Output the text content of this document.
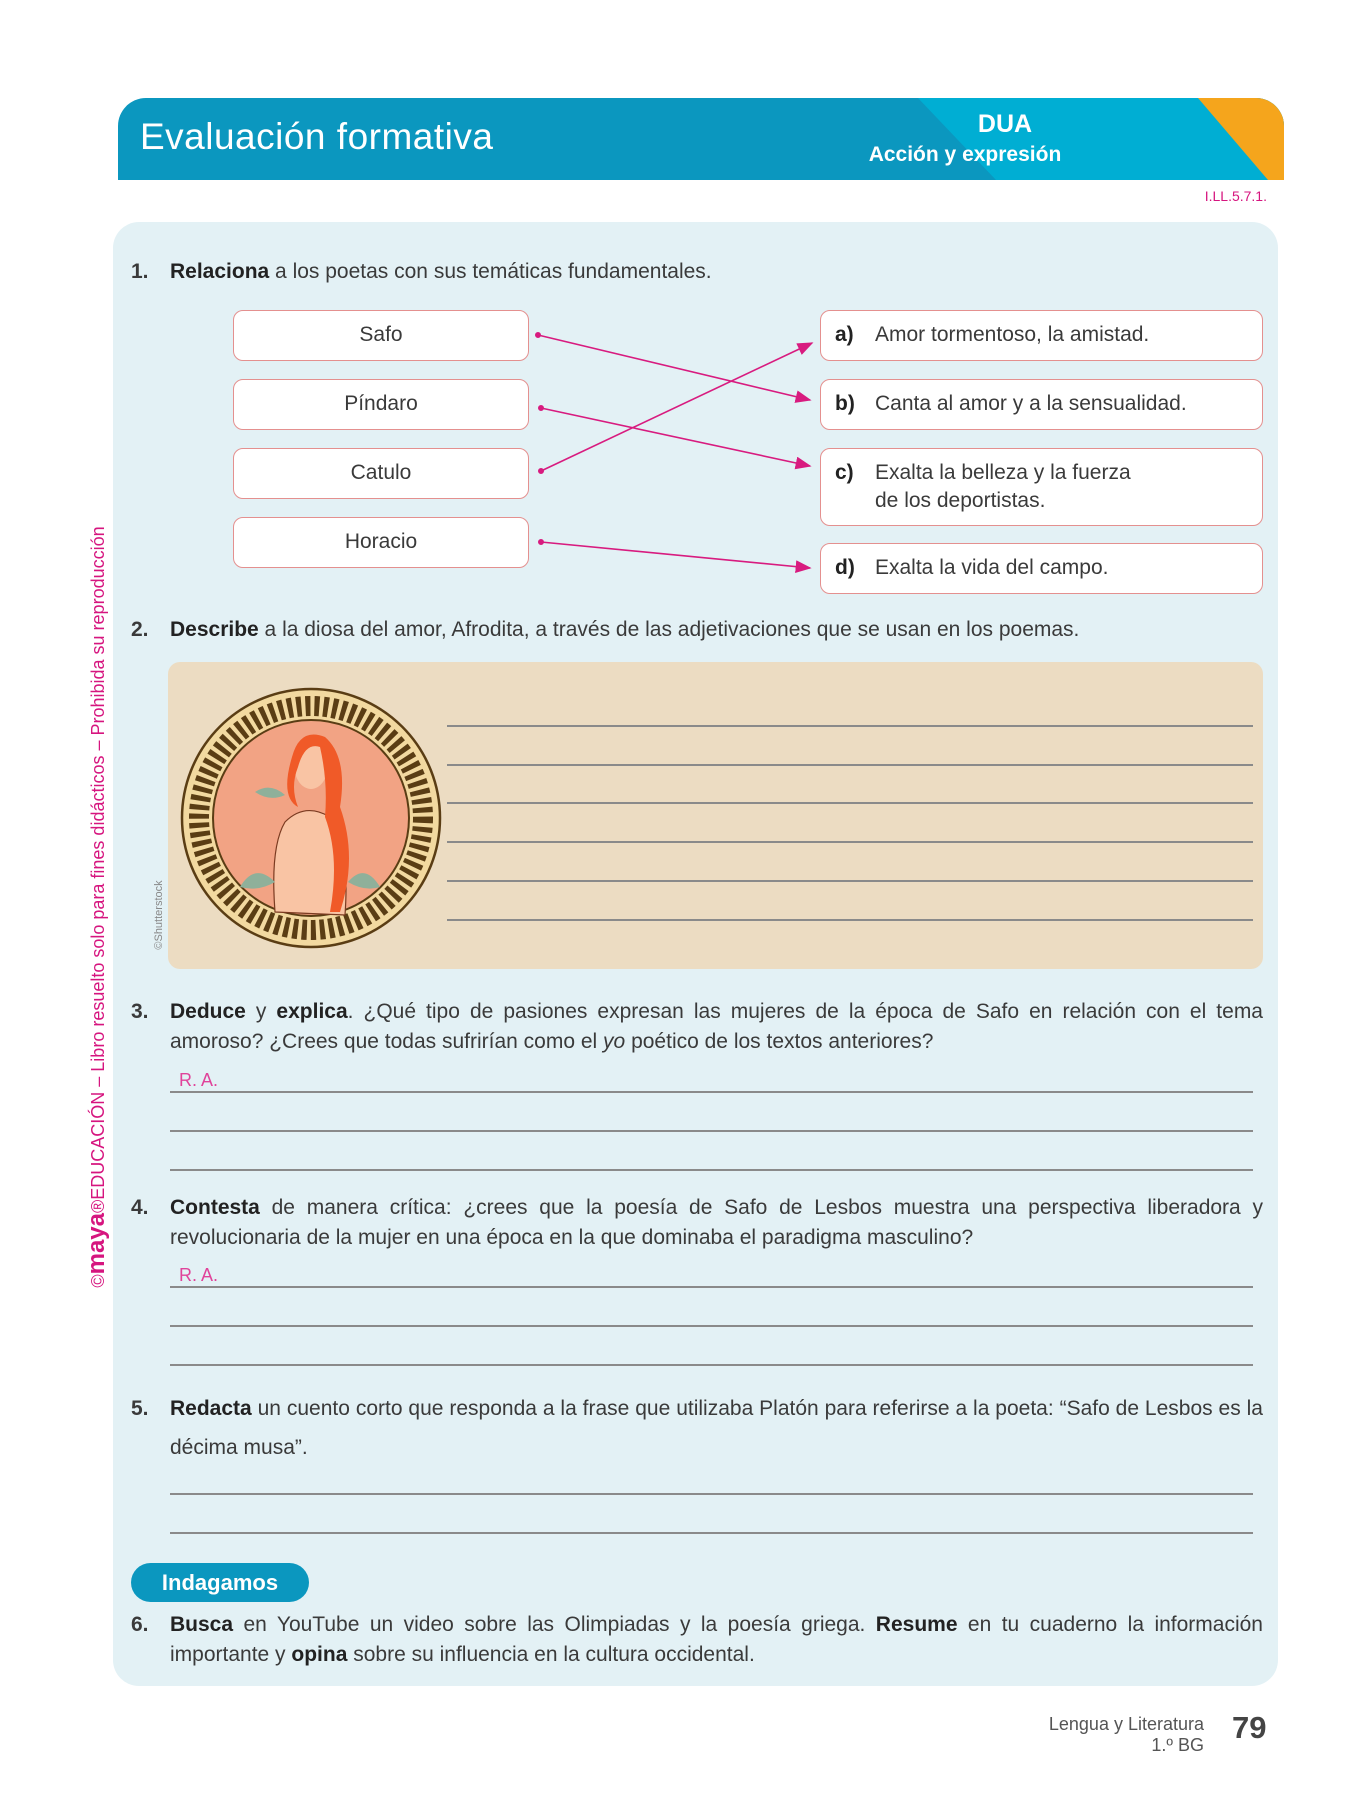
Evaluación formativa	DUA
Acción y expresión
I.LL.5.7.1.
©maya®EDUCACIÓN – Libro resuelto solo para fines didácticos – Prohibida su reproducción
1. Relaciona a los poetas con sus temáticas fundamentales.
Safo
Píndaro
Catulo
Horacio
a) Amor tormentoso, la amistad.
b) Canta al amor y a la sensualidad.
c) Exalta la belleza y la fuerza
de los deportistas.
d) Exalta la vida del campo.
2. Describe a la diosa del amor, Afrodita, a través de las adjetivaciones que se usan en los poemas.
©Shutterstock
3. Deduce y explica. ¿Qué tipo de pasiones expresan las mujeres de la época de Safo en relación con el tema amoroso? ¿Crees que todas sufrirían como el yo poético de los textos anteriores?
R. A.
4. Contesta de manera crítica: ¿crees que la poesía de Safo de Lesbos muestra una perspectiva liberadora y revolucionaria de la mujer en una época en la que dominaba el paradigma masculino?
R. A.
5. Redacta un cuento corto que responda a la frase que utilizaba Platón para referirse a la poeta: “Safo de Lesbos es la décima musa”.
Indagamos
6. Busca en YouTube un video sobre las Olimpiadas y la poesía griega. Resume en tu cuaderno la información importante y opina sobre su influencia en la cultura occidental.
Lengua y Literatura
1.º BG 79
